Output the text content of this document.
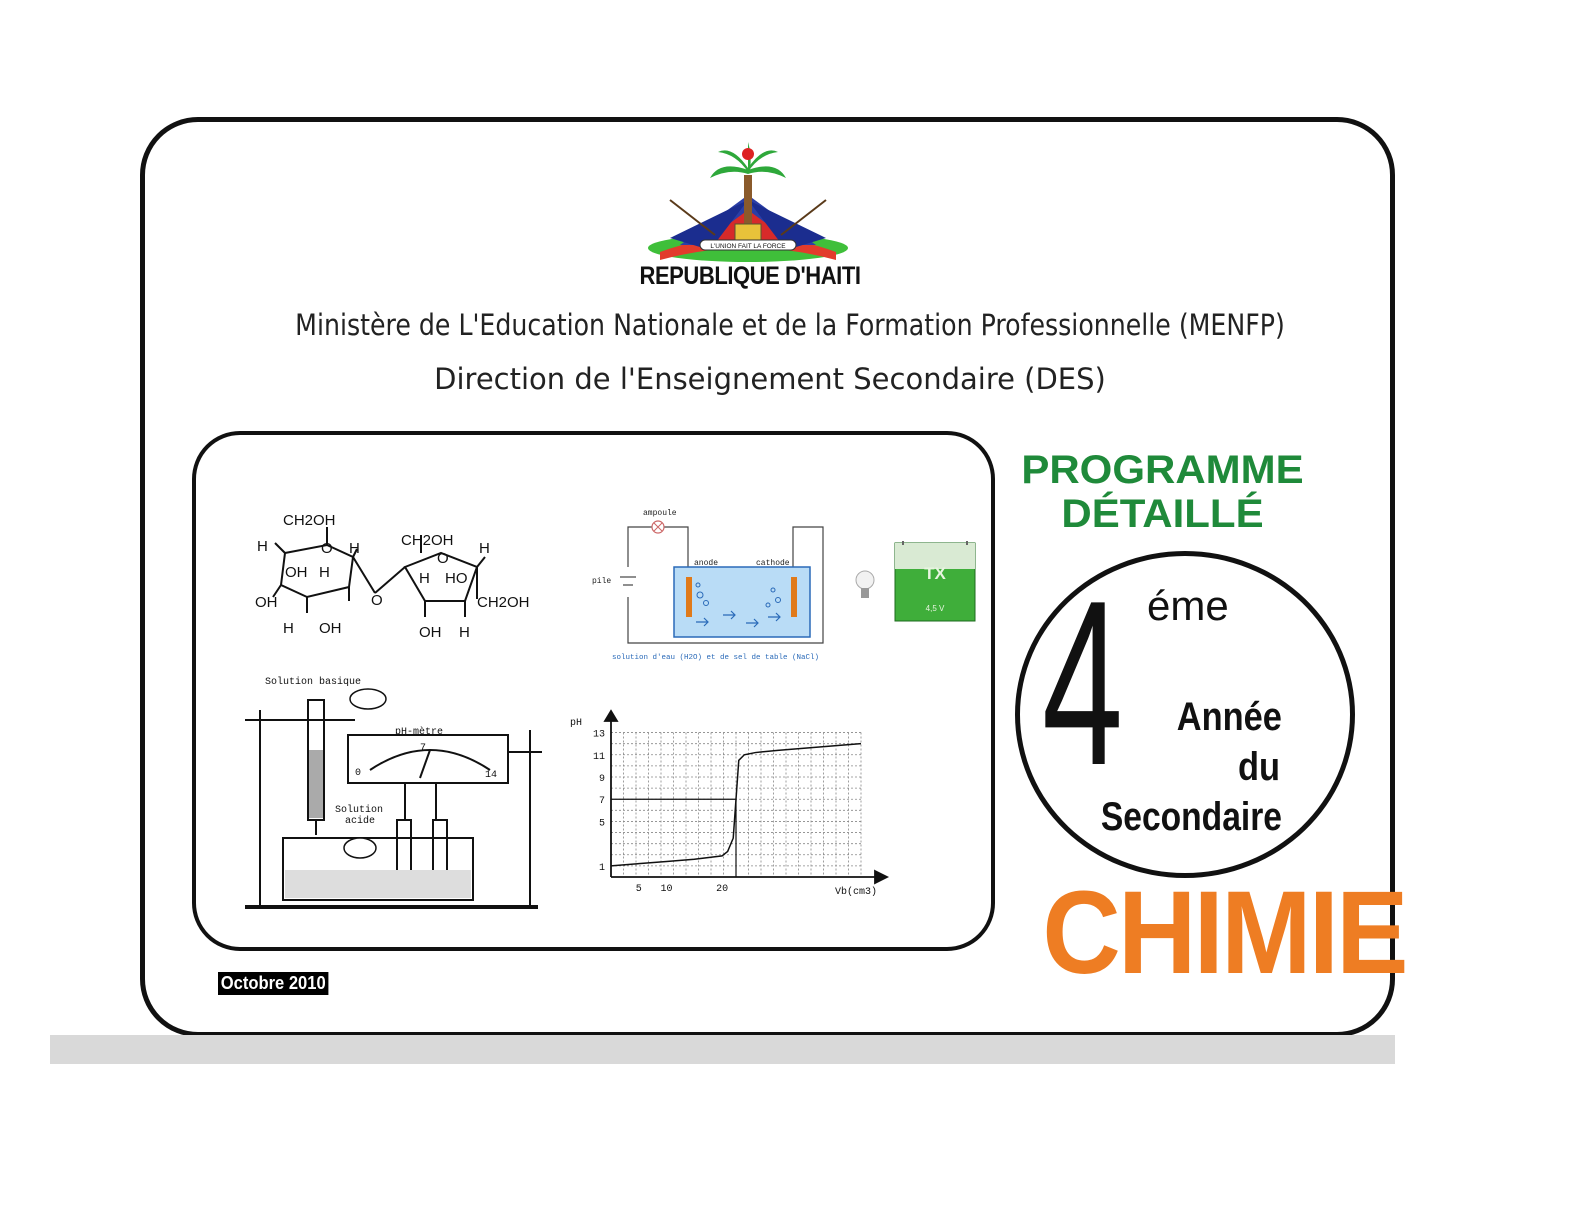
L'UNION FAIT LA FORCE
REPUBLIQUE D'HAITI
Ministère de L'Education Nationale et de la Formation Professionnelle (MENFP)
Direction de l'Enseignement Secondaire (DES)
CH2OH
H	O H
OH H
OH
H OH
CH2OH
O
H
H HO
CH2OH
OH H
O
ampoule
pile
anode	cathode
solution d'eau (H2O) et de sel de table (NaCl)
TX
4,5 V
Solution basique
pH-mètre
0
7
14
Solution
acide
13
11
9
7
5
1
5 10	20
pH
Vb(cm3)
PROGRAMME
DÉTAILLÉ
4 éme
Année
du
Secondaire
CHIMIE
Octobre 2010
